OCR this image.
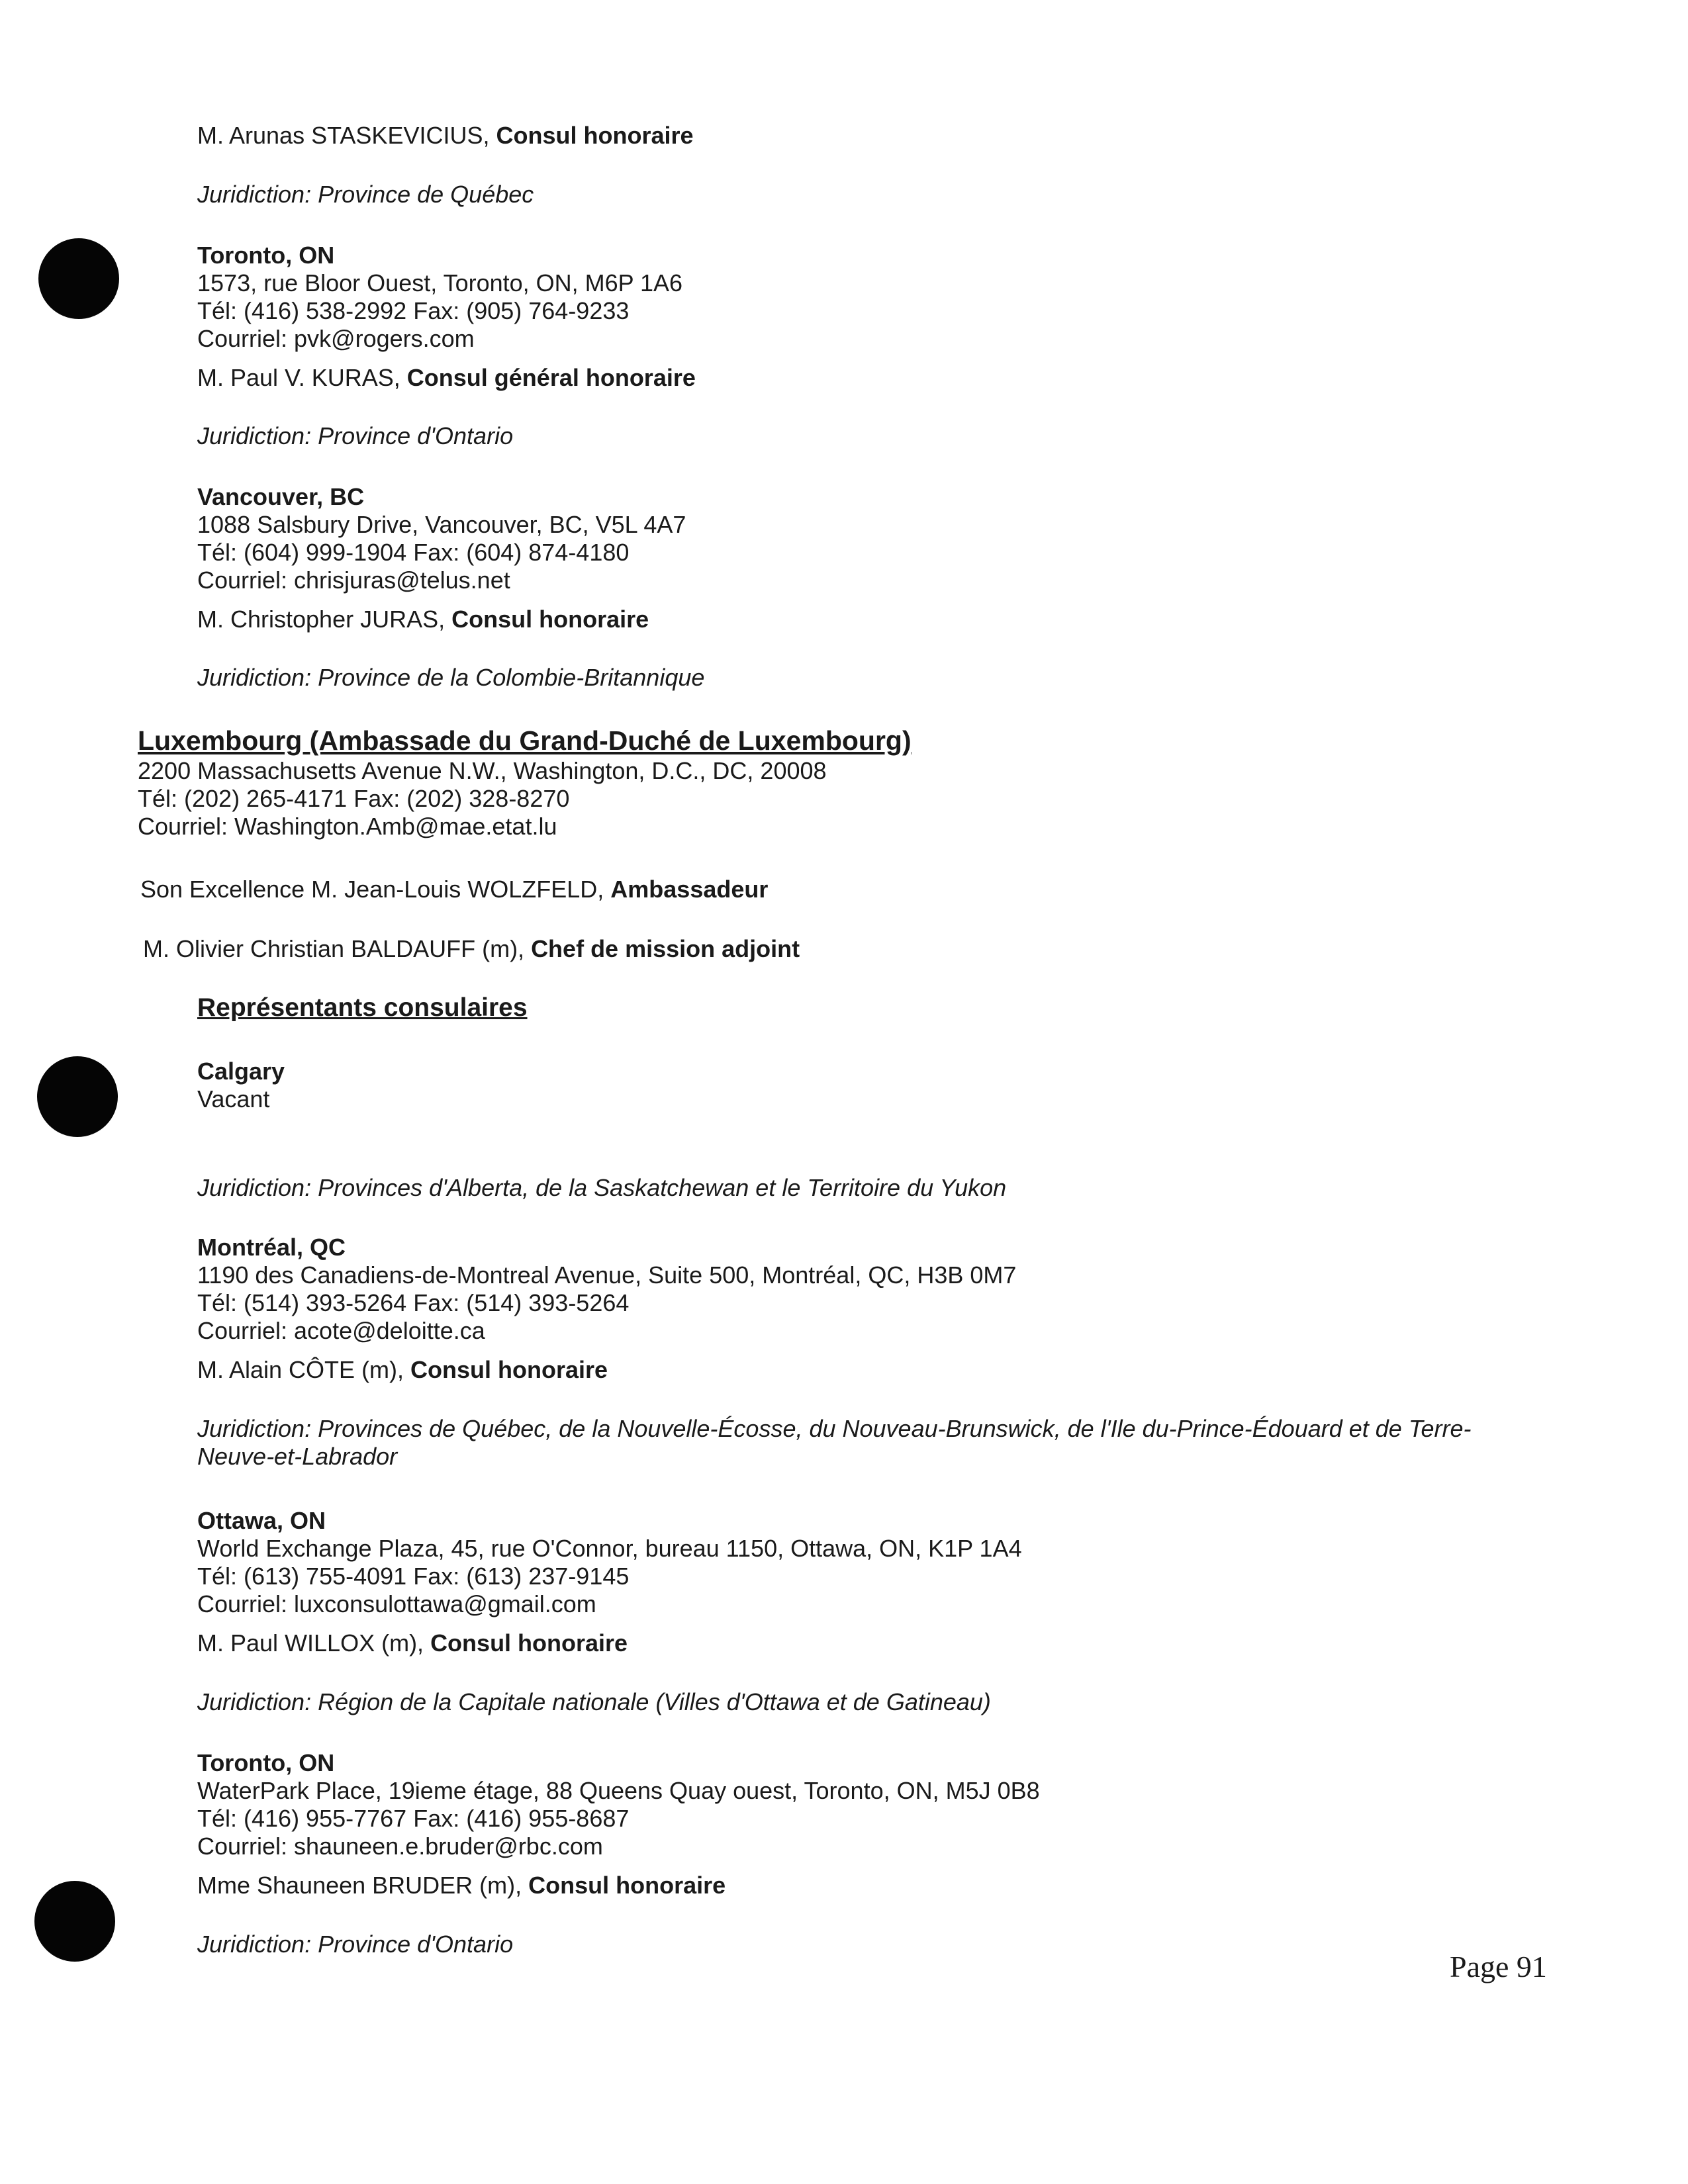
M. Arunas STASKEVICIUS, Consul honoraire
Juridiction: Province de Québec
Toronto, ON
1573, rue Bloor Ouest, Toronto, ON, M6P 1A6
Tél: (416) 538-2992 Fax: (905) 764-9233
Courriel: pvk@rogers.com
M. Paul V. KURAS, Consul général honoraire
Juridiction: Province d'Ontario
Vancouver, BC
1088 Salsbury Drive, Vancouver, BC, V5L 4A7
Tél: (604) 999-1904 Fax: (604) 874-4180
Courriel: chrisjuras@telus.net
M. Christopher JURAS, Consul honoraire
Juridiction: Province de la Colombie-Britannique
Luxembourg (Ambassade du Grand-Duché de Luxembourg)
2200 Massachusetts Avenue N.W., Washington, D.C., DC, 20008
Tél: (202) 265-4171 Fax: (202) 328-8270
Courriel: Washington.Amb@mae.etat.lu
Son Excellence M. Jean-Louis WOLZFELD, Ambassadeur
M. Olivier Christian BALDAUFF (m), Chef de mission adjoint
Représentants consulaires
Calgary
Vacant
Juridiction: Provinces d'Alberta, de la Saskatchewan et le Territoire du Yukon
Montréal, QC
1190 des Canadiens-de-Montreal Avenue, Suite 500, Montréal, QC, H3B 0M7
Tél: (514) 393-5264 Fax: (514) 393-5264
Courriel: acote@deloitte.ca
M. Alain CÔTE (m), Consul honoraire
Juridiction: Provinces de Québec, de la Nouvelle-Écosse, du Nouveau-Brunswick, de l'Ile du-Prince-Édouard et de Terre-Neuve-et-Labrador
Ottawa, ON
World Exchange Plaza, 45, rue O'Connor, bureau 1150, Ottawa, ON, K1P 1A4
Tél: (613) 755-4091 Fax: (613) 237-9145
Courriel: luxconsulottawa@gmail.com
M. Paul WILLOX (m), Consul honoraire
Juridiction: Région de la Capitale nationale (Villes d'Ottawa et de Gatineau)
Toronto, ON
WaterPark Place, 19ieme étage, 88 Queens Quay ouest, Toronto, ON, M5J 0B8
Tél: (416) 955-7767 Fax: (416) 955-8687
Courriel: shauneen.e.bruder@rbc.com
Mme Shauneen BRUDER (m), Consul honoraire
Juridiction: Province d'Ontario
Page 91
